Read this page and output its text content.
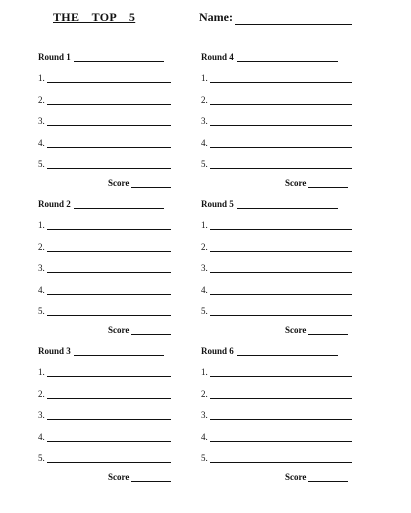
THE  TOP  5	Name:
Round 1
1.
2.
3.
4.
5.
Score
Round 4
1.
2.
3.
4.
5.
Score
Round 2
1.
2.
3.
4.
5.
Score
Round 5
1.
2.
3.
4.
5.
Score
Round 3
1.
2.
3.
4.
5.
Score
Round 6
1.
2.
3.
4.
5.
Score
